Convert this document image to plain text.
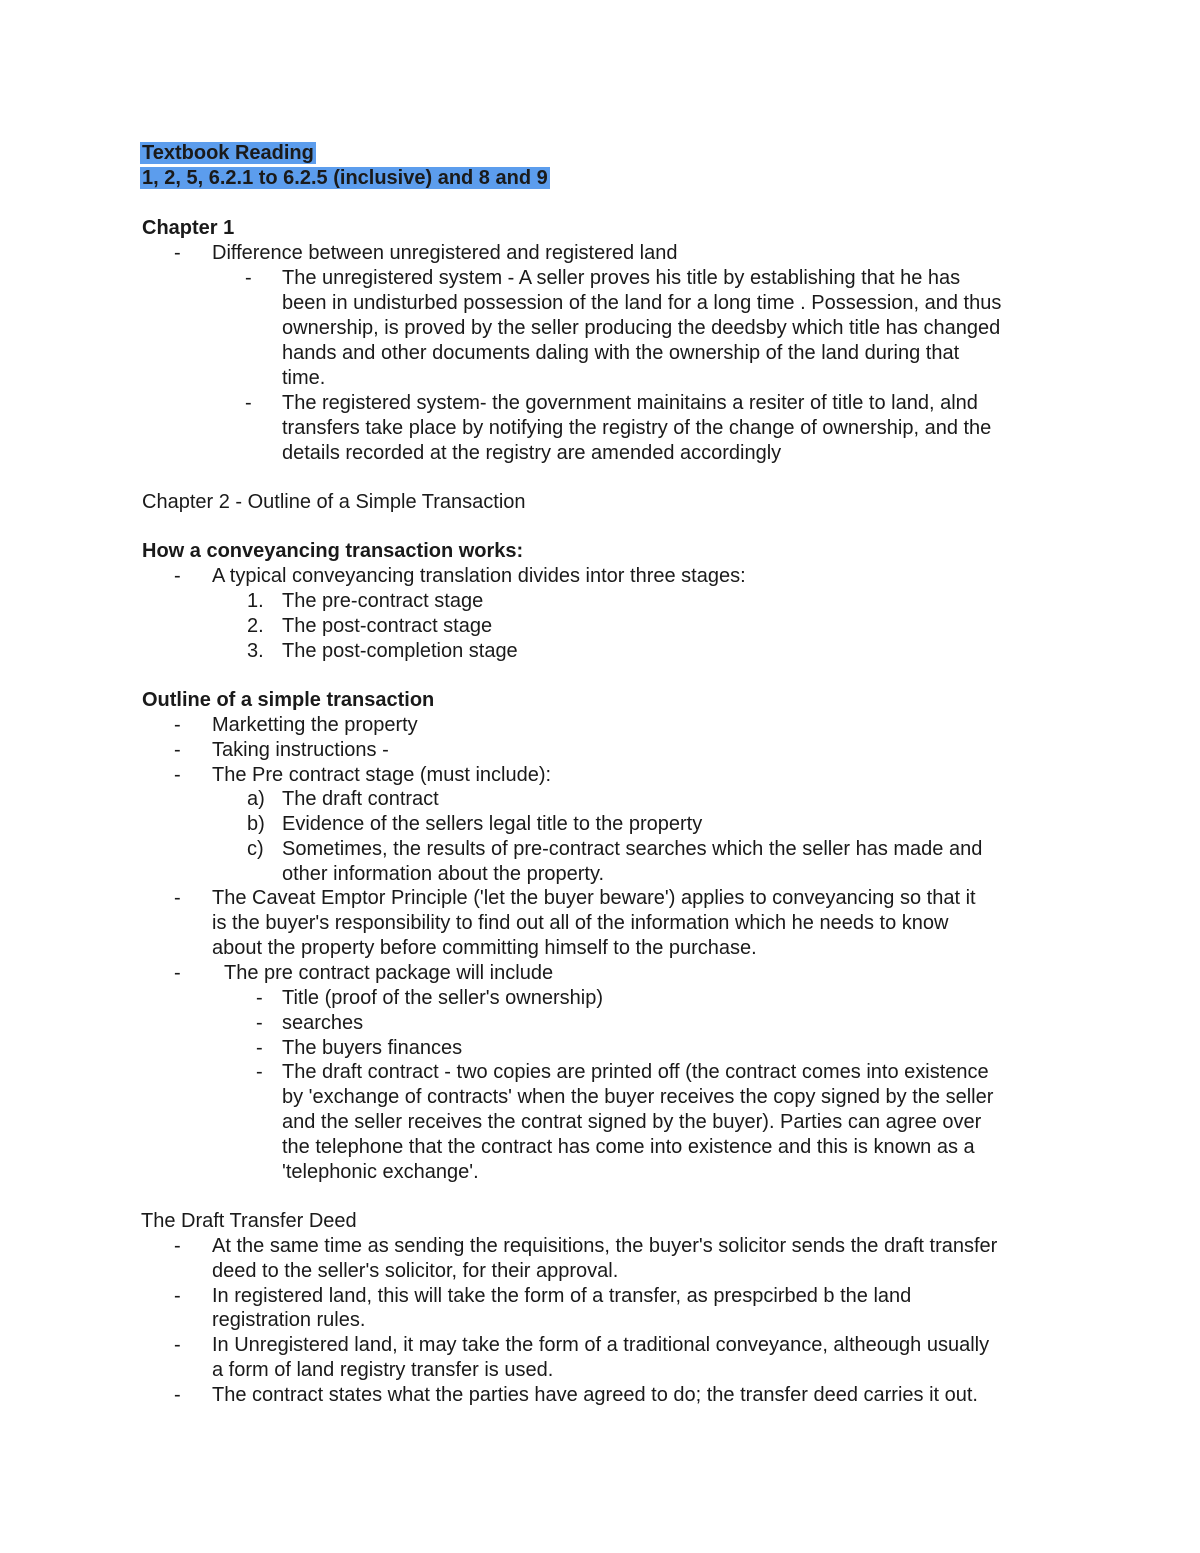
Textbook Reading
1, 2, 5, 6.2.1 to 6.2.5 (inclusive) and 8 and 9
Chapter 1
- Difference between unregistered and registered land
- The unregistered system - A seller proves his title by establishing that he has
been in undisturbed possession of the land for a long time . Possession, and thus
ownership, is proved by the seller producing the deedsby which title has changed
hands and other documents daling with the ownership of the land during that
time.
- The registered system- the government mainitains a resiter of title to land, alnd
transfers take place by notifying the registry of the change of ownership, and the
details recorded at the registry are amended accordingly
Chapter 2 - Outline of a Simple Transaction
How a conveyancing transaction works:
- A typical conveyancing translation divides intor three stages:
1. The pre-contract stage
2. The post-contract stage
3. The post-completion stage
Outline of a simple transaction
- Marketting the property
- Taking instructions -
- The Pre contract stage (must include):
a) The draft contract
b) Evidence of the sellers legal title to the property
c) Sometimes, the results of pre-contract searches which the seller has made and
other information about the property.
- The Caveat Emptor Principle ('let the buyer beware') applies to conveyancing so that it
is the buyer's responsibility to find out all of the information which he needs to know
about the property before committing himself to the purchase.
- The pre contract package will include
- Title (proof of the seller's ownership)
- searches
- The buyers finances
- The draft contract - two copies are printed off (the contract comes into existence
by 'exchange of contracts' when the buyer receives the copy signed by the seller
and the seller receives the contrat signed by the buyer). Parties can agree over
the telephone that the contract has come into existence and this is known as a
'telephonic exchange'.
The Draft Transfer Deed
- At the same time as sending the requisitions, the buyer's solicitor sends the draft transfer
deed to the seller's solicitor, for their approval.
- In registered land, this will take the form of a transfer, as prespcirbed b the land
registration rules.
- In Unregistered land, it may take the form of a traditional conveyance, altheough usually
a form of land registry transfer is used.
- The contract states what the parties have agreed to do; the transfer deed carries it out.
